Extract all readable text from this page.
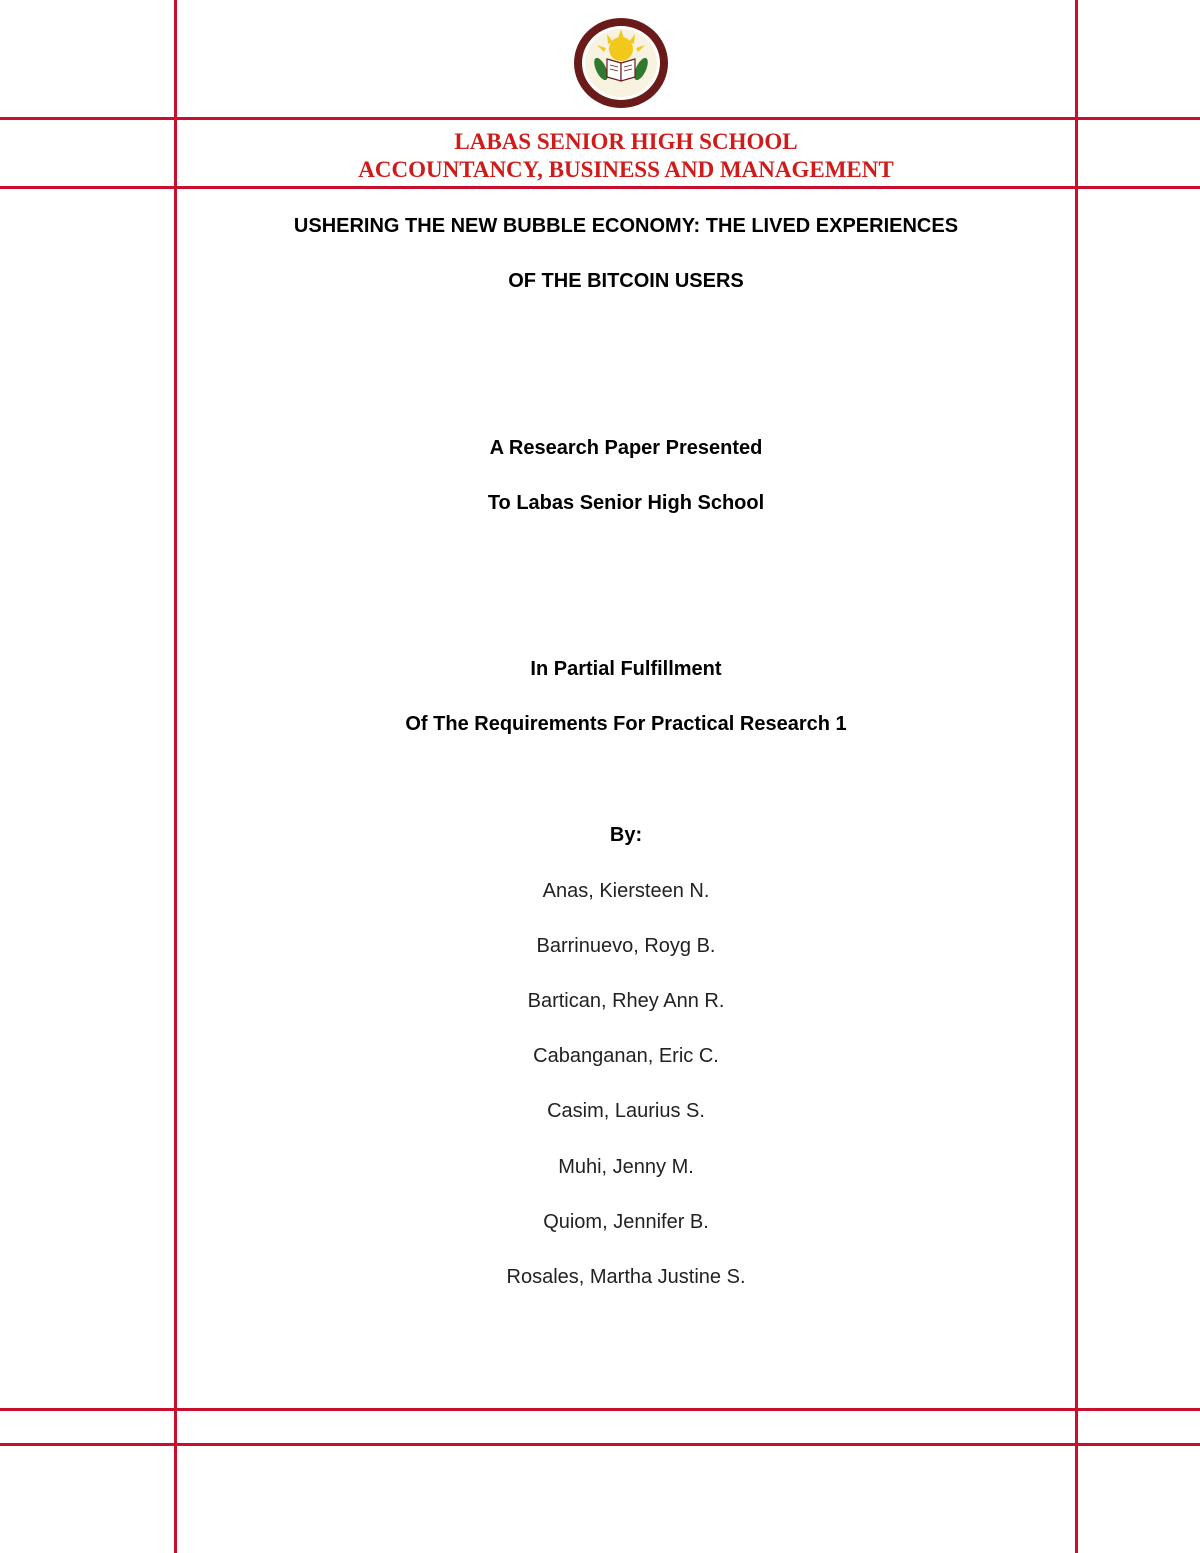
LABAS SENIOR HIGH SCHOOL
ACCOUNTANCY, BUSINESS AND MANAGEMENT
USHERING THE NEW BUBBLE ECONOMY: THE LIVED EXPERIENCES
OF THE BITCOIN USERS
A Research Paper Presented
To Labas Senior High School
In Partial Fulfillment
Of The Requirements For Practical Research 1
By:
Anas, Kiersteen N.
Barrinuevo, Royg B.
Bartican, Rhey Ann R.
Cabanganan, Eric C.
Casim, Laurius S.
Muhi, Jenny M.
Quiom, Jennifer B.
Rosales, Martha Justine S.
